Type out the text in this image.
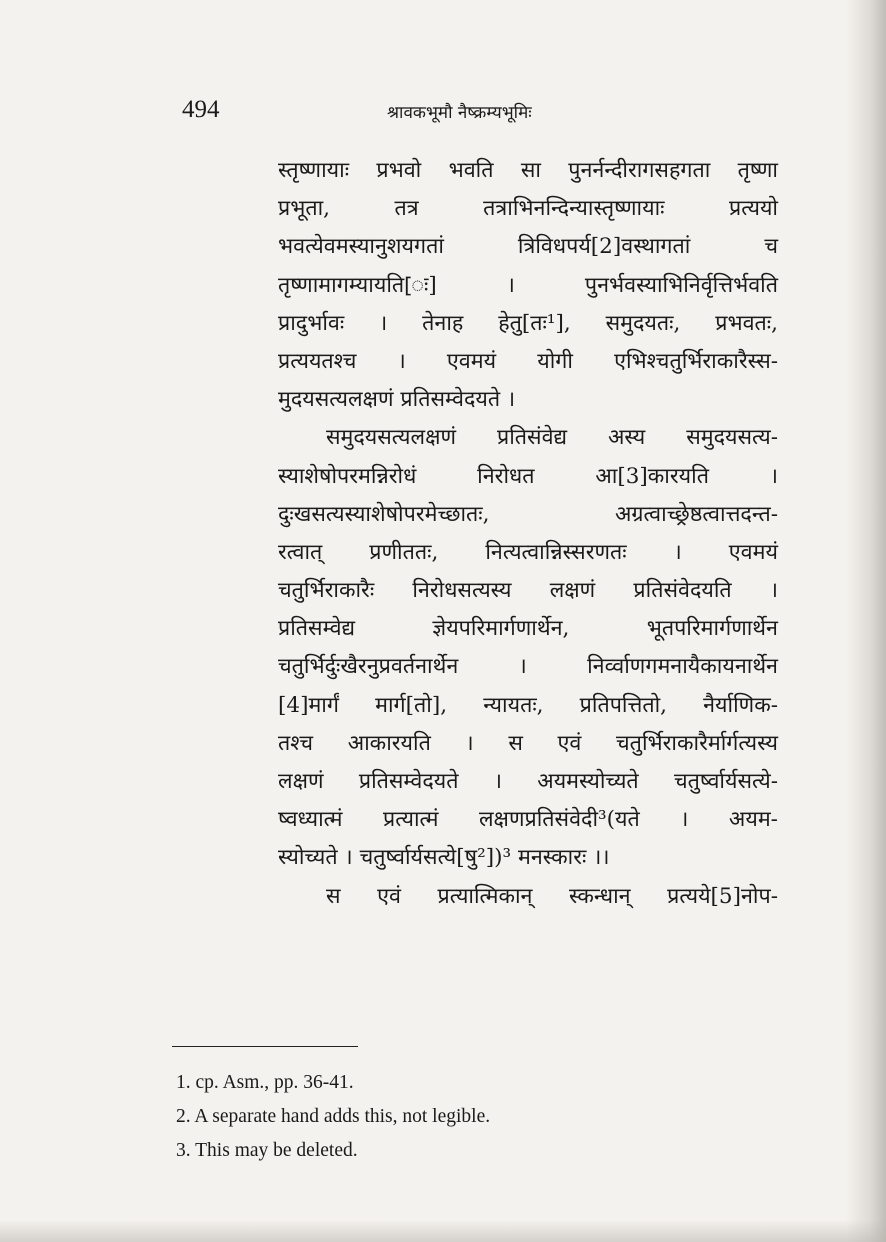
494	श्रावकभूमौ नैष्क्रम्यभूमिः
स्तृष्णायाः प्रभवो भवति सा पुनर्नन्दीरागसहगता तृष्णा
प्रभूता,	तत्र	तत्राभिनन्दिन्यास्तृष्णायाः	प्रत्ययो
भवत्येवमस्यानुशयगतां	त्रिविधपर्य[2]वस्थागतां	च
तृष्णामागम्यायति[ः]	।	पुनर्भवस्याभिनिर्वृत्तिर्भवति
प्रादुर्भावः । तेनाह हेतु[तः¹], समुदयतः, प्रभवतः,
प्रत्ययतश्च । एवमयं योगी एभिश्चतुर्भिराकारैस्स-
मुदयसत्यलक्षणं प्रतिसम्वेदयते ।
समुदयसत्यलक्षणं प्रतिसंवेद्य अस्य समुदयसत्य-
स्याशेषोपरमन्निरोधं	निरोधत	आ[3]कारयति	।
दुःखसत्यस्याशेषोपरमेच्छातः,	अग्रत्वाच्छ्रेष्ठत्वात्तदन्त-
रत्वात् प्रणीततः, नित्यत्वान्निस्सरणतः । एवमयं
चतुर्भिराकारैः निरोधसत्यस्य लक्षणं प्रतिसंवेदयति ।
प्रतिसम्वेद्य	ज्ञेयपरिमार्गणार्थेन,	भूतपरिमार्गणार्थेन
चतुर्भिर्दुःखैरनुप्रवर्तनार्थेन	।	निर्व्वाणगमनायैकायनार्थेन
[4]मार्गं मार्ग[तो], न्यायतः, प्रतिपत्तितो, नैर्याणिक-
तश्च आकारयति । स एवं चतुर्भिराकारैर्मार्गत्यस्य
लक्षणं प्रतिसम्वेदयते । अयमस्योच्यते चतुर्ष्वार्यसत्ये-
ष्वध्यात्मं प्रत्यात्मं लक्षणप्रतिसंवेदी³(यते । अयम-
स्योच्यते । चतुर्ष्वार्यसत्ये[षु²])³ मनस्कारः ।।
स एवं प्रत्यात्मिकान् स्कन्धान् प्रत्यये[5]नोप-
1. cp. Asm., pp. 36-41.
2. A separate hand adds this, not legible.
3. This may be deleted.
